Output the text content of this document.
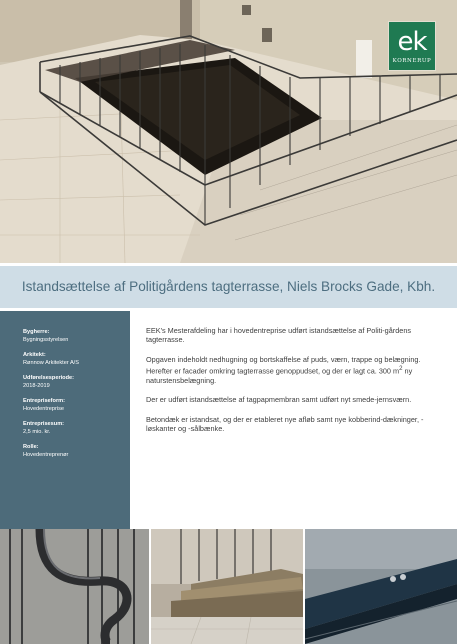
ek
KORNERUP
Istandsættelse af Politigårdens tagterrasse, Niels Brocks Gade, Kbh.
Bygherre:
Bygningsstyrelsen
Arkitekt:
Rønnow Arkitekter A/S
Udførelsesperiode:
2018-2019
Entrepriseform:
Hovedentreprise
Entreprisesum:
2,5 mio. kr.
Rolle:
Hovedentreprenør

EEK's Mesterafdeling har i hovedentreprise udført istandsættelse af Politi-gårdens tagterrasse.

Opgaven indeholdt nedhugning og bortskaffelse af puds, værn, trappe og belægning. Herefter er facader omkring tagterrasse genoppudset, og der er lagt ca. 300 $m^2$ ny naturstensbelægning.

Der er udført istandsættelse af tagpapmembran samt udført nyt smede-jernsværn.

Betondæk er istandsat, og der er etableret nye afløb samt nye kobberind-dækninger, -løskanter og -sålbænke.
